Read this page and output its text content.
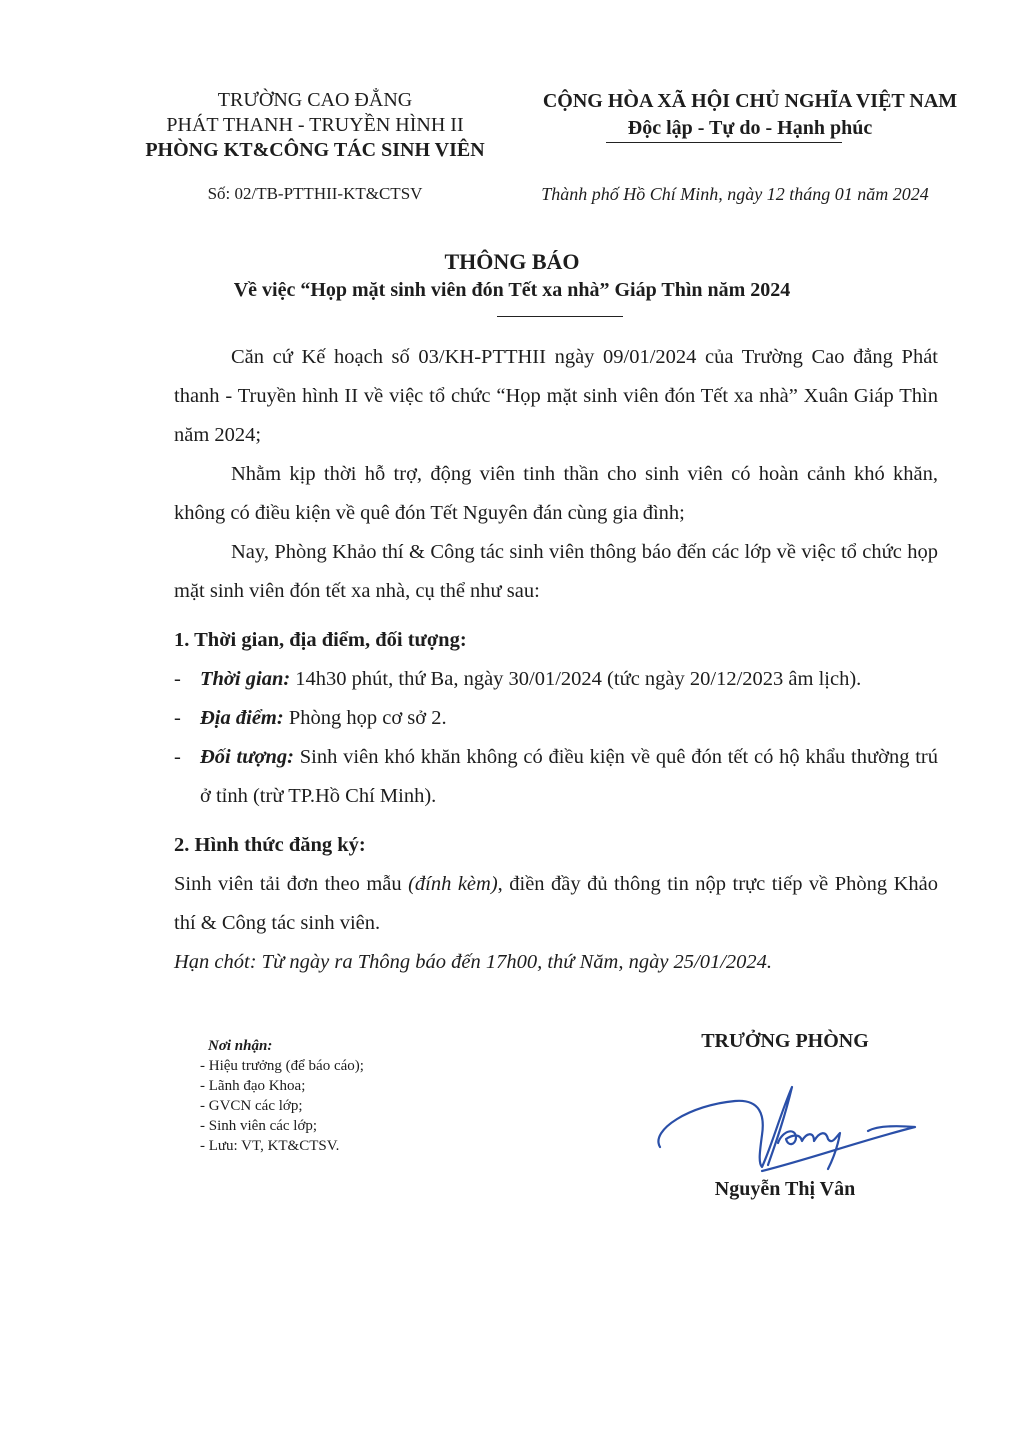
TRƯỜNG CAO ĐẲNG
PHÁT THANH - TRUYỀN HÌNH II
PHÒNG KT&CÔNG TÁC SINH VIÊN
CỘNG HÒA XÃ HỘI CHỦ NGHĨA VIỆT NAM
Độc lập - Tự do - Hạnh phúc
Số: 02/TB-PTTHII-KT&CTSV	Thành phố Hồ Chí Minh, ngày 12 tháng 01 năm 2024
THÔNG BÁO
Về việc “Họp mặt sinh viên đón Tết xa nhà” Giáp Thìn năm 2024

Căn cứ Kế hoạch số 03/KH-PTTHII ngày 09/01/2024 của Trường Cao đẳng Phát thanh - Truyền hình II về việc tổ chức “Họp mặt sinh viên đón Tết xa nhà” Xuân Giáp Thìn năm 2024;

Nhằm kịp thời hỗ trợ, động viên tinh thần cho sinh viên có hoàn cảnh khó khăn, không có điều kiện về quê đón Tết Nguyên đán cùng gia đình;

Nay, Phòng Khảo thí & Công tác sinh viên thông báo đến các lớp về việc tổ chức họp mặt sinh viên đón tết xa nhà, cụ thể như sau:

1. Thời gian, địa điểm, đối tượng:

- Thời gian: 14h30 phút, thứ Ba, ngày 30/01/2024 (tức ngày 20/12/2023 âm lịch).

- Địa điểm: Phòng họp cơ sở 2.

- Đối tượng: Sinh viên khó khăn không có điều kiện về quê đón tết có hộ khẩu thường trú ở tỉnh (trừ TP.Hồ Chí Minh).

2. Hình thức đăng ký:

Sinh viên tải đơn theo mẫu (đính kèm), điền đầy đủ thông tin nộp trực tiếp về Phòng Khảo thí & Công tác sinh viên.

Hạn chót: Từ ngày ra Thông báo đến 17h00, thứ Năm, ngày 25/01/2024.

Nơi nhận:
- Hiệu trưởng (để báo cáo);
- Lãnh đạo Khoa;
- GVCN các lớp;
- Sinh viên các lớp;
- Lưu: VT, KT&CTSV.
TRƯỞNG PHÒNG
Nguyễn Thị Vân
